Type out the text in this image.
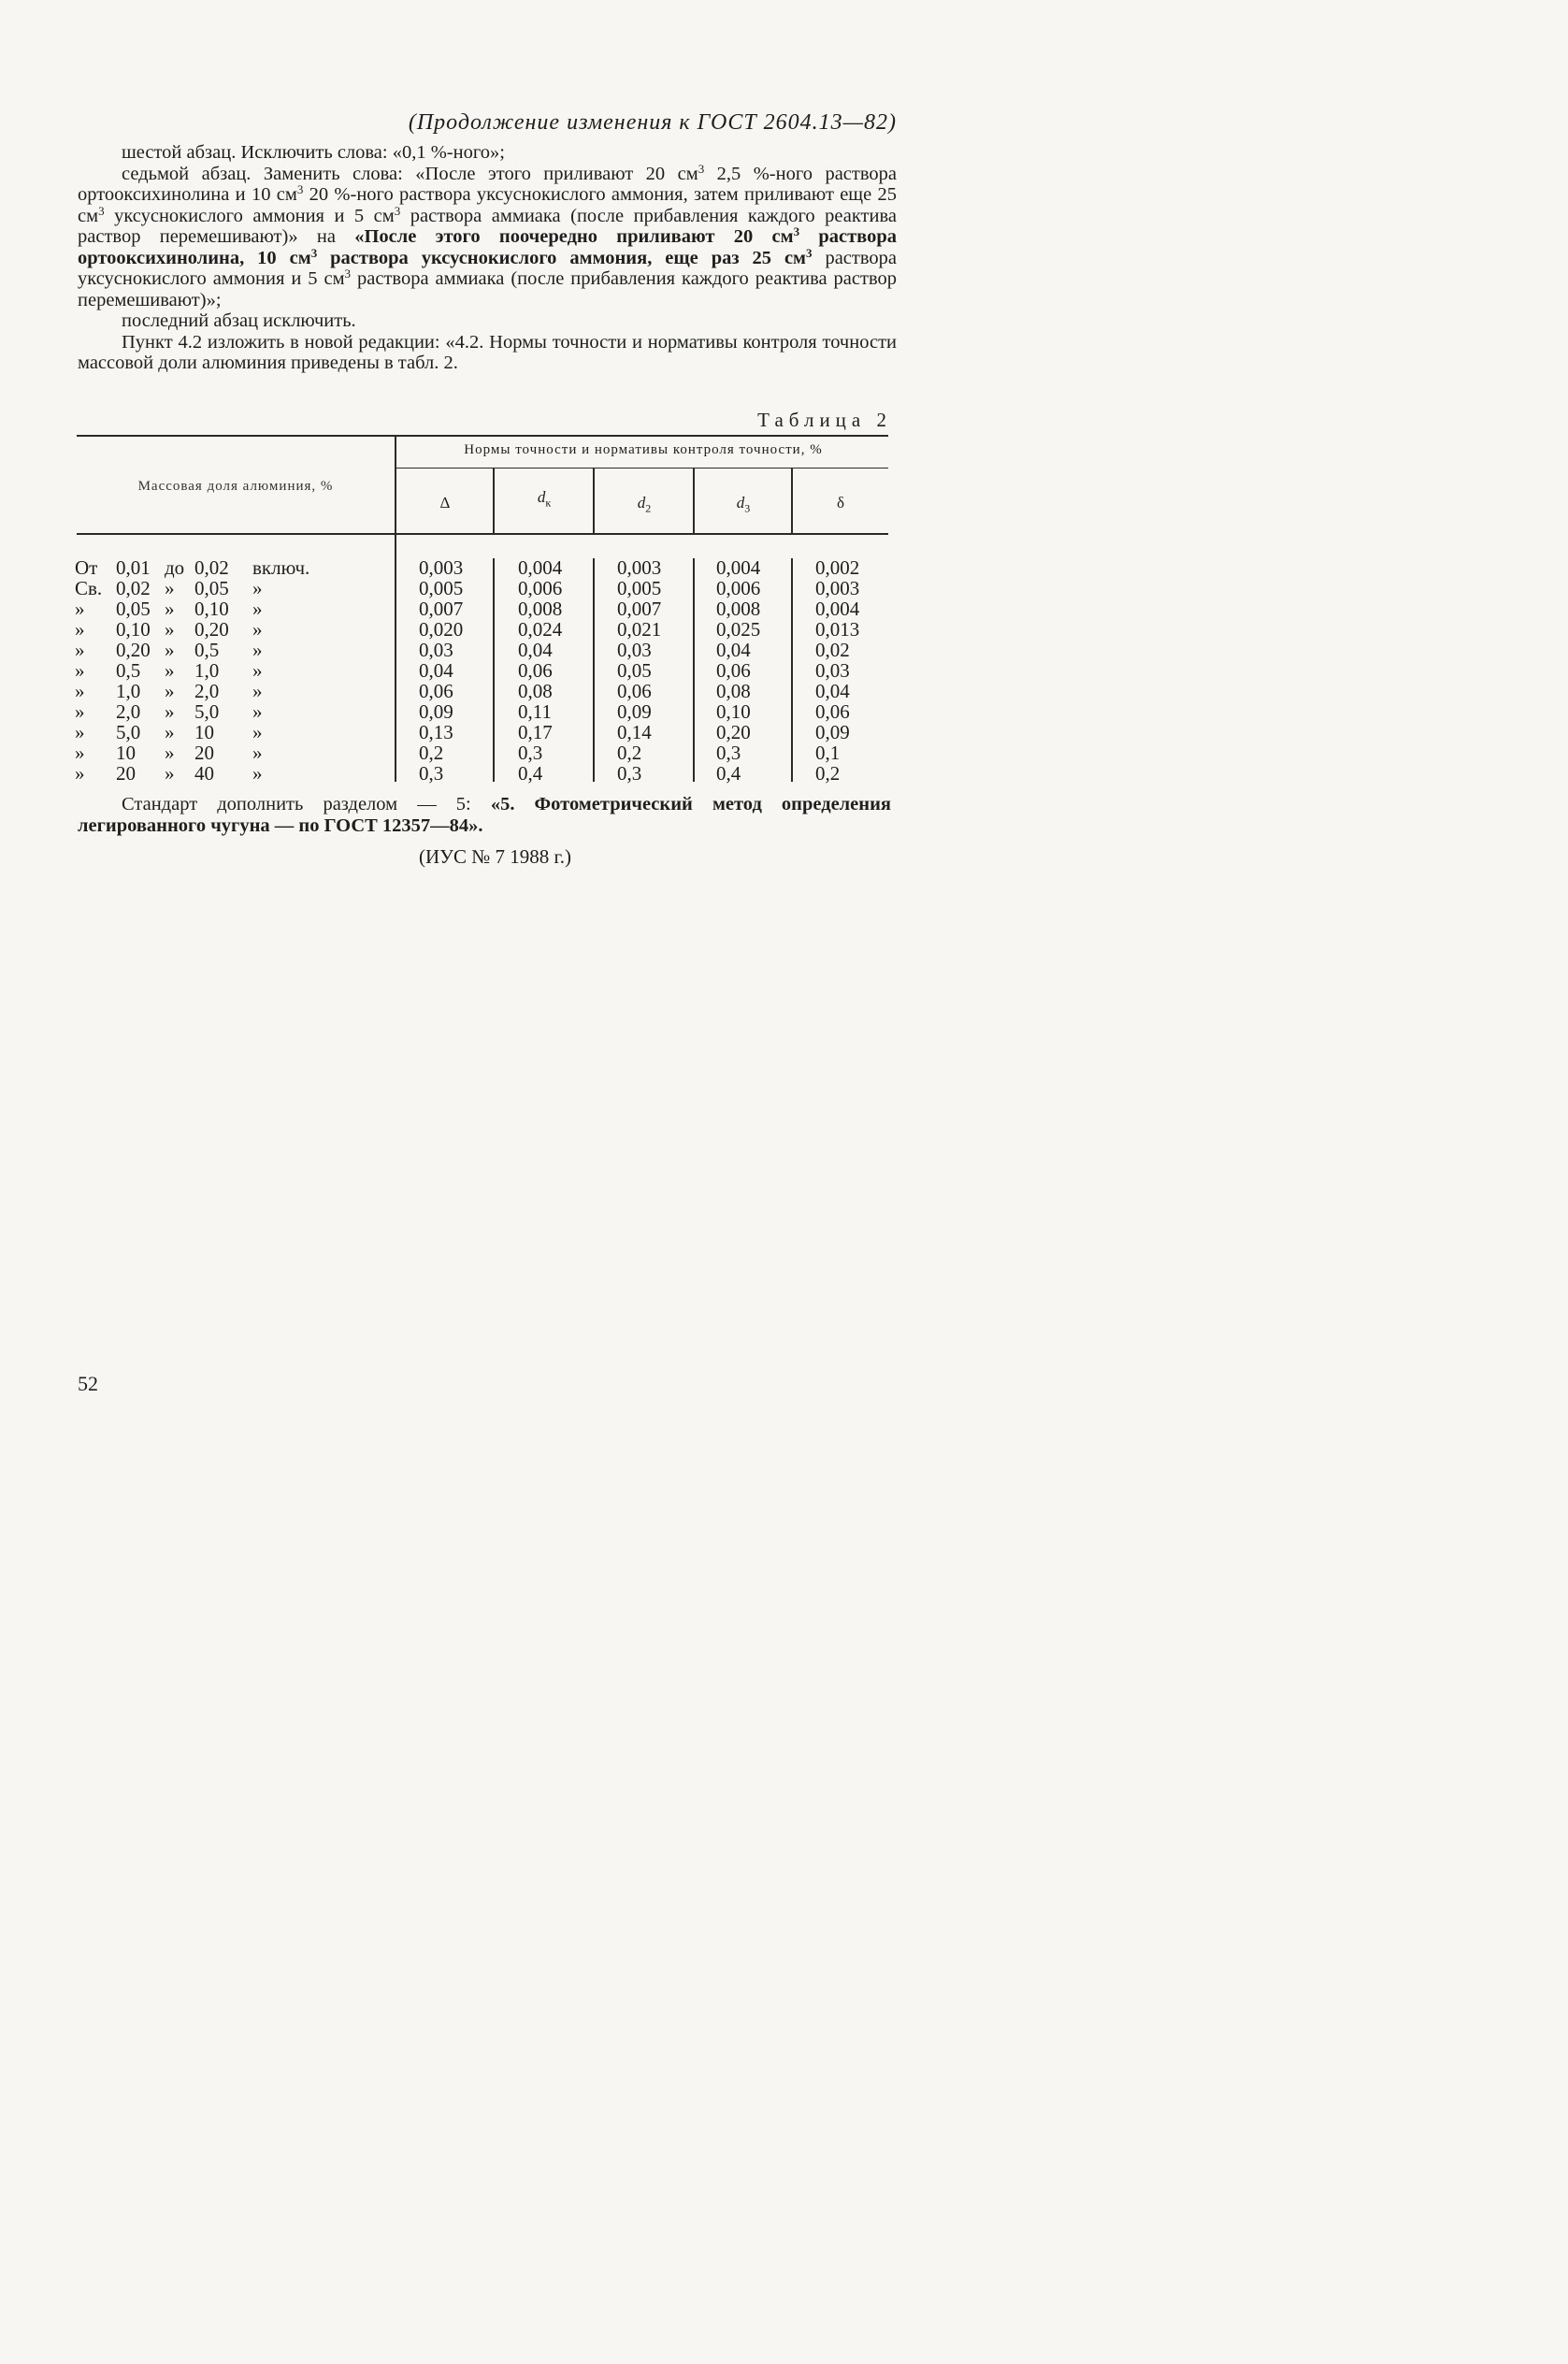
(Продолжение изменения к ГОСТ 2604.13—82)

шестой абзац. Исключить слова: «0,1 %-ного»;

седьмой абзац. Заменить слова: «После этого приливают 20 $см^3$ 2,5 %-ного раствора ортооксихинолина и 10 $см^3$ 20 %-ного раствора уксуснокислого аммония, затем приливают еще 25 $см^3$ уксуснокислого аммония и 5 $см^3$ раствора аммиака (после прибавления каждого реактива раствор перемешивают)» на «После этого поочередно приливают 20 $см^3$ раствора ортооксихинолина, 10 $см^3$ раствора уксуснокислого аммония, еще раз 25 $см^3$ раствора уксуснокислого аммония и 5 $см^3$ раствора аммиака (после прибавления каждого реактива раствор перемешивают)»;

последний абзац исключить.

Пункт 4.2 изложить в новой редакции: «4.2. Нормы точности и нормативы контроля точности массовой доли алюминия приведены в табл. 2.

Таблица 2
Нормы точности и нормативы контроля точности, %
Массовая доля алюминия, %
Δ	$d_к$	$d_2$	$d_3$	δ
От 0,01 до 0,02 включ.	0,003	0,004	0,003	0,004	0,002
Св. 0,02 » 0,05 »	0,005	0,006	0,005	0,006	0,003
» 0,05 » 0,10 »	0,007	0,008	0,007	0,008	0,004
» 0,10 » 0,20 »	0,020	0,024	0,021	0,025	0,013
» 0,20 » 0,5 »	0,03	0,04	0,03	0,04	0,02
» 0,5 » 1,0 »	0,04	0,06	0,05	0,06	0,03
» 1,0 » 2,0 »	0,06	0,08	0,06	0,08	0,04
» 2,0 » 5,0 »	0,09	0,11	0,09	0,10	0,06
» 5,0 » 10 »	0,13	0,17	0,14	0,20	0,09
» 10 » 20 »	0,2	0,3	0,2	0,3	0,1
» 20 » 40 »	0,3	0,4	0,3	0,4	0,2

Стандарт дополнить разделом — 5: «5. Фотометрический метод определения легированного чугуна — по ГОСТ 12357—84».

(ИУС № 7 1988 г.)
52
